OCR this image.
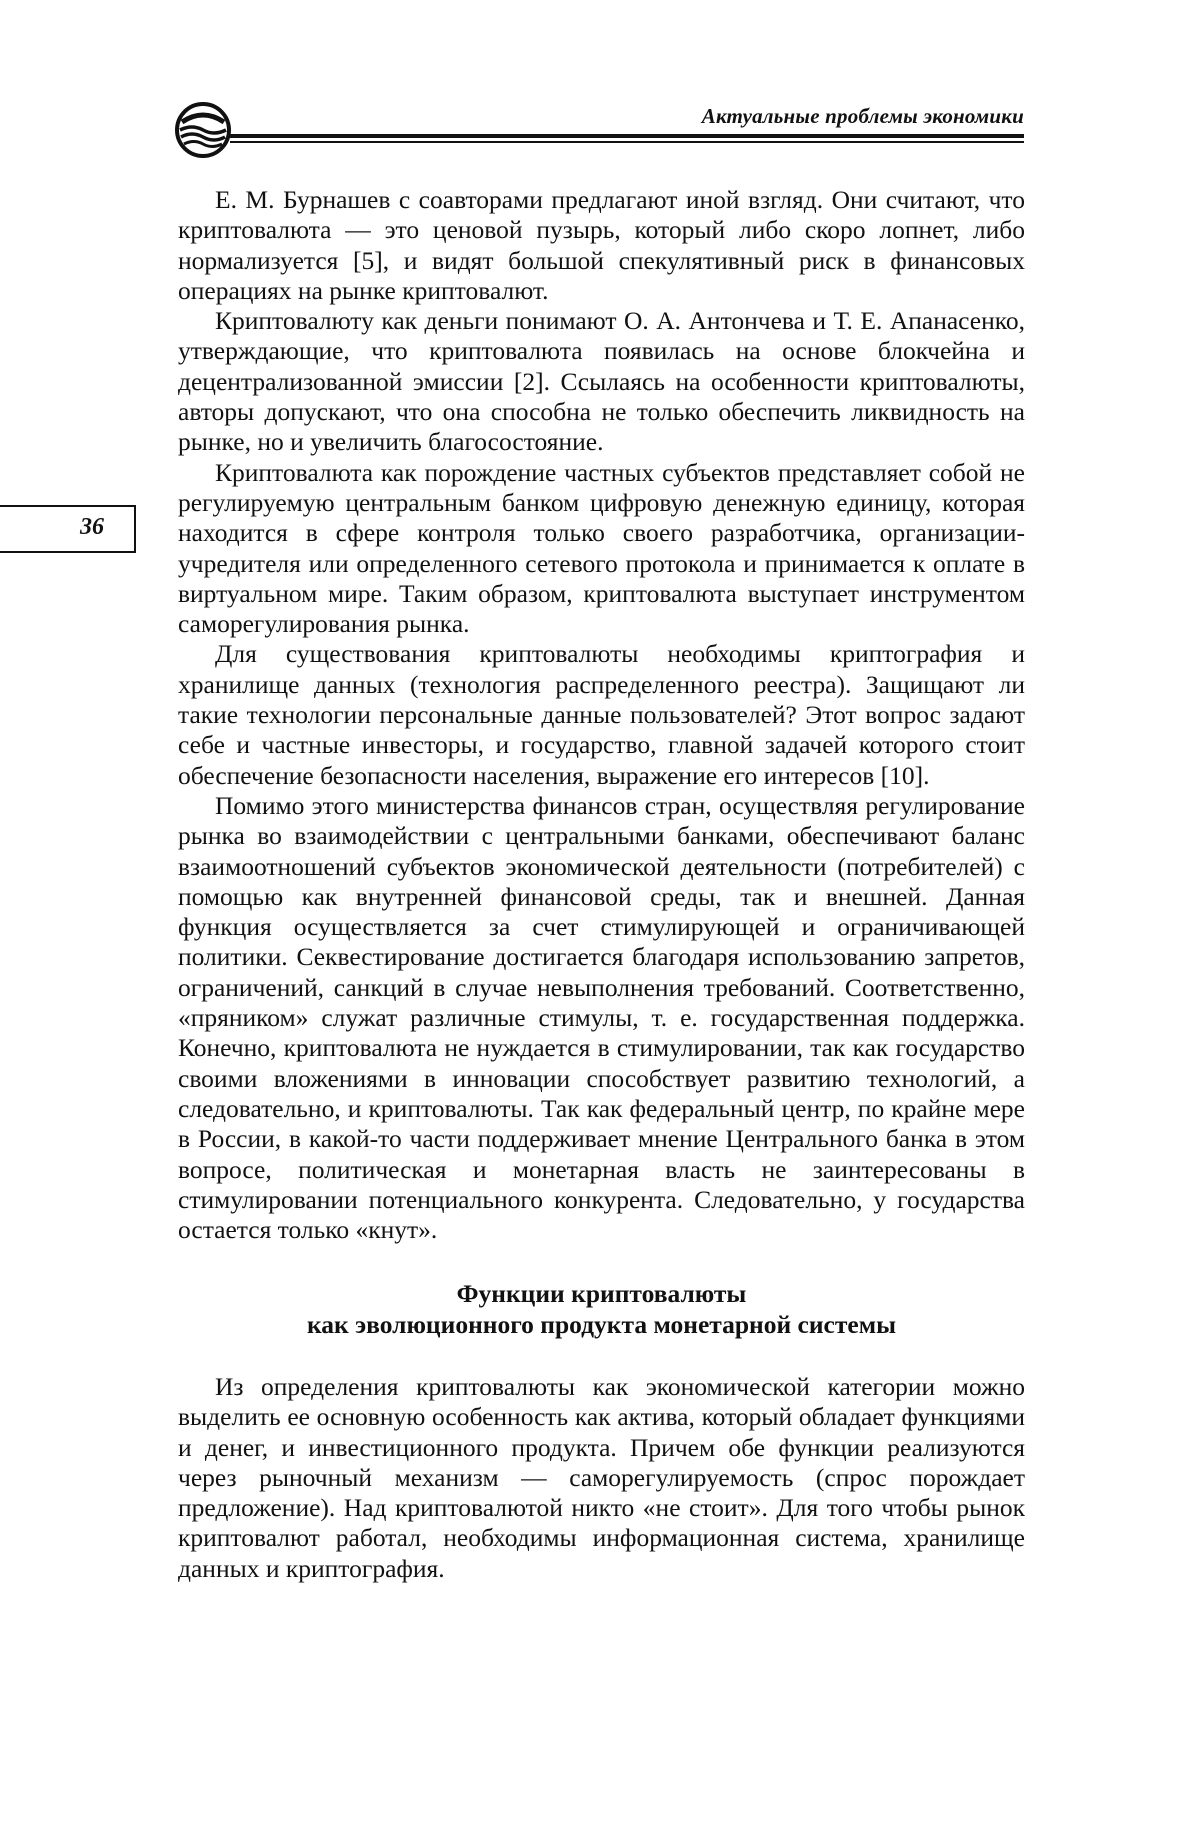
Актуальные проблемы экономики
36

Е. М. Бурнашев с соавторами предлагают иной взгляд. Они считают, что криптовалюта — это ценовой пузырь, который либо скоро лопнет, либо нормализуется [5], и видят большой спекулятивный риск в финансовых операциях на рынке криптовалют.

Криптовалюту как деньги понимают О. А. Антончева и Т. Е. Апанасенко, утверждающие, что криптовалюта появилась на основе блокчейна и децентрализованной эмиссии [2]. Ссылаясь на особенности криптовалюты, авторы допускают, что она способна не только обеспечить ликвидность на рынке, но и увеличить благосостояние.

Криптовалюта как порождение частных субъектов представляет собой не регулируемую центральным банком цифровую денежную единицу, которая находится в сфере контроля только своего разработчика, организации-учредителя или определенного сетевого протокола и принимается к оплате в виртуальном мире. Таким образом, криптовалюта выступает инструментом саморегулирования рынка.

Для существования криптовалюты необходимы криптография и хранилище данных (технология распределенного реестра). Защищают ли такие технологии персональные данные пользователей? Этот вопрос задают себе и частные инвесторы, и государство, главной задачей которого стоит обеспечение безопасности населения, выражение его интересов [10].

Помимо этого министерства финансов стран, осуществляя регулирование рынка во взаимодействии с центральными банками, обеспечивают баланс взаимоотношений субъектов экономической деятельности (потребителей) с помощью как внутренней финансовой среды, так и внешней. Данная функция осуществляется за счет стимулирующей и ограничивающей политики. Секвестирование достигается благодаря использованию запретов, ограничений, санкций в случае невыполнения требований. Соответственно, «пряником» служат различные стимулы, т. е. государственная поддержка. Конечно, криптовалюта не нуждается в стимулировании, так как государство своими вложениями в инновации способствует развитию технологий, а следовательно, и криптовалюты. Так как федеральный центр, по крайне мере в России, в какой-то части поддерживает мнение Центрального банка в этом вопросе, политическая и монетарная власть не заинтересованы в стимулировании потенциального конкурента. Следовательно, у государства остается только «кнут».

Функции криптовалюты
как эволюционного продукта монетарной системы

Из определения криптовалюты как экономической категории можно выделить ее основную особенность как актива, который обладает функциями и денег, и инвестиционного продукта. Причем обе функции реализуются через рыночный механизм — саморегулируемость (спрос порождает предложение). Над криптовалютой никто «не стоит». Для того чтобы рынок криптовалют работал, необходимы информационная система, хранилище данных и криптография.
